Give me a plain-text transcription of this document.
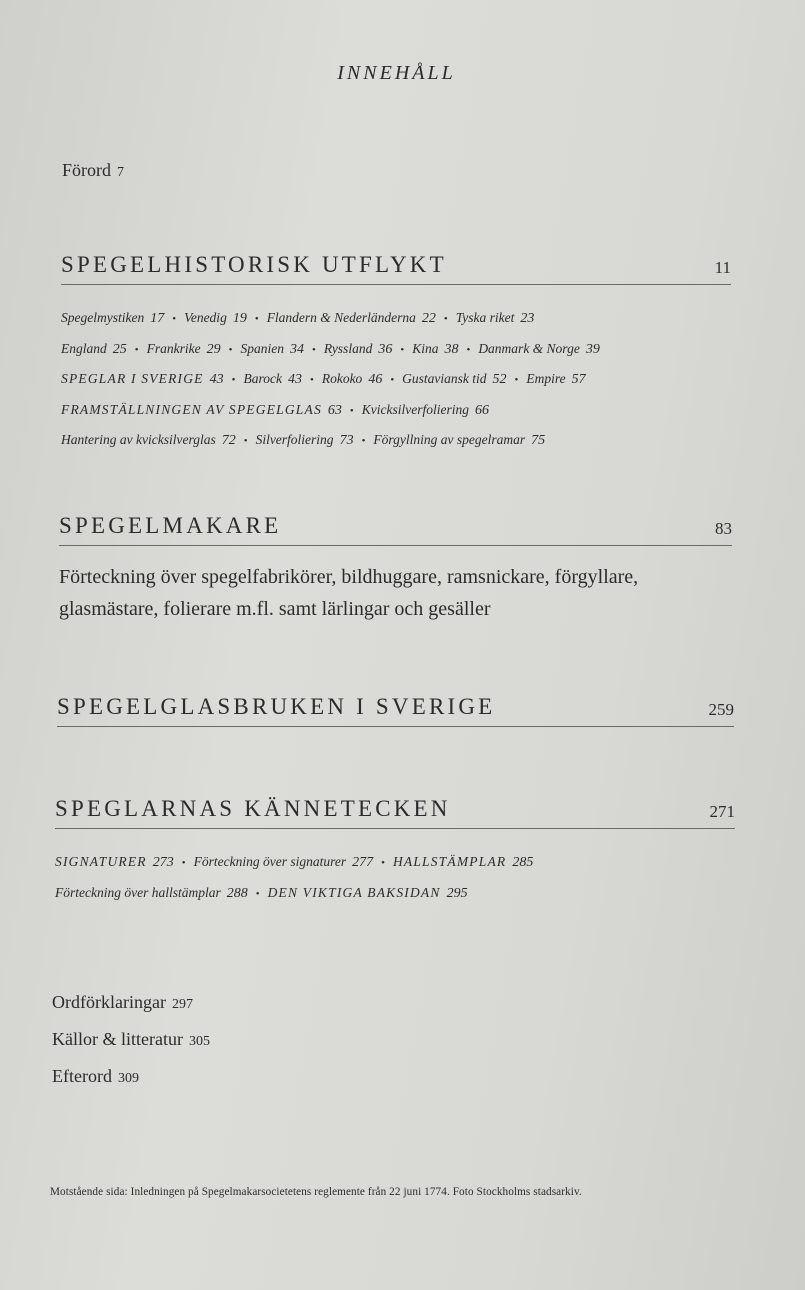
INNEHÅLL
Förord 7
SPEGELHISTORISK UTFLYKT	11
Spegelmystiken 17 • Venedig 19 • Flandern & Nederländerna 22 • Tyska riket 23
England 25 • Frankrike 29 • Spanien 34 • Ryssland 36 • Kina 38 • Danmark & Norge 39
SPEGLAR I SVERIGE 43 • Barock 43 • Rokoko 46 • Gustaviansk tid 52 • Empire 57
FRAMSTÄLLNINGEN AV SPEGELGLAS 63 • Kvicksilverfoliering 66
Hantering av kvicksilverglas 72 • Silverfoliering 73 • Förgyllning av spegelramar 75
SPEGELMAKARE	83
Förteckning över spegelfabrikörer, bildhuggare, ramsnickare, förgyllare, glasmästare, folierare m.fl. samt lärlingar och gesäller
SPEGELGLASBRUKEN I SVERIGE	259
SPEGLARNAS KÄNNETECKEN	271
SIGNATURER 273 • Förteckning över signaturer 277 • HALLSTÄMPLAR 285
Förteckning över hallstämplar 288 • DEN VIKTIGA BAKSIDAN 295
Ordförklaringar 297
Källor & litteratur 305
Efterord 309
Motstående sida: Inledningen på Spegelmakarsocietetens reglemente från 22 juni 1774. Foto Stockholms stadsarkiv.
